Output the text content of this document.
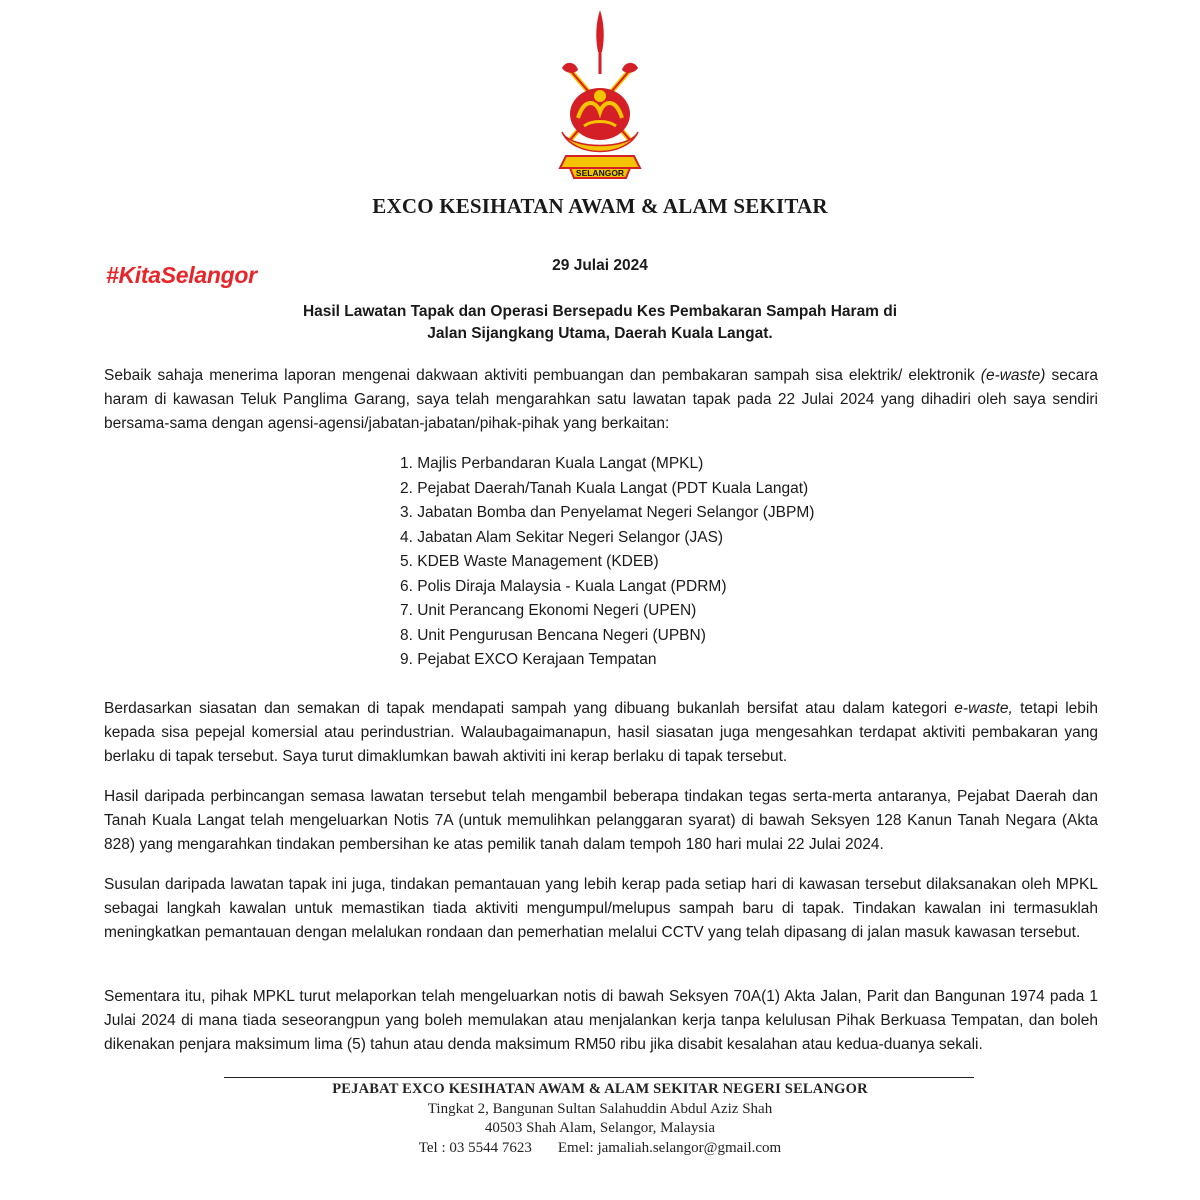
SELANGOR
EXCO KESIHATAN AWAM & ALAM SEKITAR
#KitaSelangor	29 Julai 2024
Hasil Lawatan Tapak dan Operasi Bersepadu Kes Pembakaran Sampah Haram di
Jalan Sijangkang Utama, Daerah Kuala Langat.

Sebaik sahaja menerima laporan mengenai dakwaan aktiviti pembuangan dan pembakaran sampah sisa elektrik/ elektronik (e-waste) secara haram di kawasan Teluk Panglima Garang, saya telah mengarahkan satu lawatan tapak pada 22 Julai 2024 yang dihadiri oleh saya sendiri bersama-sama dengan agensi-agensi/jabatan-jabatan/pihak-pihak yang berkaitan:

1. Majlis Perbandaran Kuala Langat (MPKL)
2. Pejabat Daerah/Tanah Kuala Langat (PDT Kuala Langat)
3. Jabatan Bomba dan Penyelamat Negeri Selangor (JBPM)
4. Jabatan Alam Sekitar Negeri Selangor (JAS)
5. KDEB Waste Management (KDEB)
6. Polis Diraja Malaysia - Kuala Langat (PDRM)
7. Unit Perancang Ekonomi Negeri (UPEN)
8. Unit Pengurusan Bencana Negeri (UPBN)
9. Pejabat EXCO Kerajaan Tempatan

Berdasarkan siasatan dan semakan di tapak mendapati sampah yang dibuang bukanlah bersifat atau dalam kategori e-waste, tetapi lebih kepada sisa pepejal komersial atau perindustrian. Walaubagaimanapun, hasil siasatan juga mengesahkan terdapat aktiviti pembakaran yang berlaku di tapak tersebut. Saya turut dimaklumkan bawah aktiviti ini kerap berlaku di tapak tersebut.

Hasil daripada perbincangan semasa lawatan tersebut telah mengambil beberapa tindakan tegas serta-merta antaranya, Pejabat Daerah dan Tanah Kuala Langat telah mengeluarkan Notis 7A (untuk memulihkan pelanggaran syarat) di bawah Seksyen 128 Kanun Tanah Negara (Akta 828) yang mengarahkan tindakan pembersihan ke atas pemilik tanah dalam tempoh 180 hari mulai 22 Julai 2024.

Susulan daripada lawatan tapak ini juga, tindakan pemantauan yang lebih kerap pada setiap hari di kawasan tersebut dilaksanakan oleh MPKL sebagai langkah kawalan untuk memastikan tiada aktiviti mengumpul/melupus sampah baru di tapak. Tindakan kawalan ini termasuklah meningkatkan pemantauan dengan melalukan rondaan dan pemerhatian melalui CCTV yang telah dipasang di jalan masuk kawasan tersebut.

Sementara itu, pihak MPKL turut melaporkan telah mengeluarkan notis di bawah Seksyen 70A(1) Akta Jalan, Parit dan Bangunan 1974 pada 1 Julai 2024 di mana tiada seseorangpun yang boleh memulakan atau menjalankan kerja tanpa kelulusan Pihak Berkuasa Tempatan, dan boleh dikenakan penjara maksimum lima (5) tahun atau denda maksimum RM50 ribu jika disabit kesalahan atau kedua-duanya sekali.

PEJABAT EXCO KESIHATAN AWAM & ALAM SEKITAR NEGERI SELANGOR
Tingkat 2, Bangunan Sultan Salahuddin Abdul Aziz Shah
40503 Shah Alam, Selangor, Malaysia
Tel : 03 5544 7623 Emel: jamaliah.selangor@gmail.com
